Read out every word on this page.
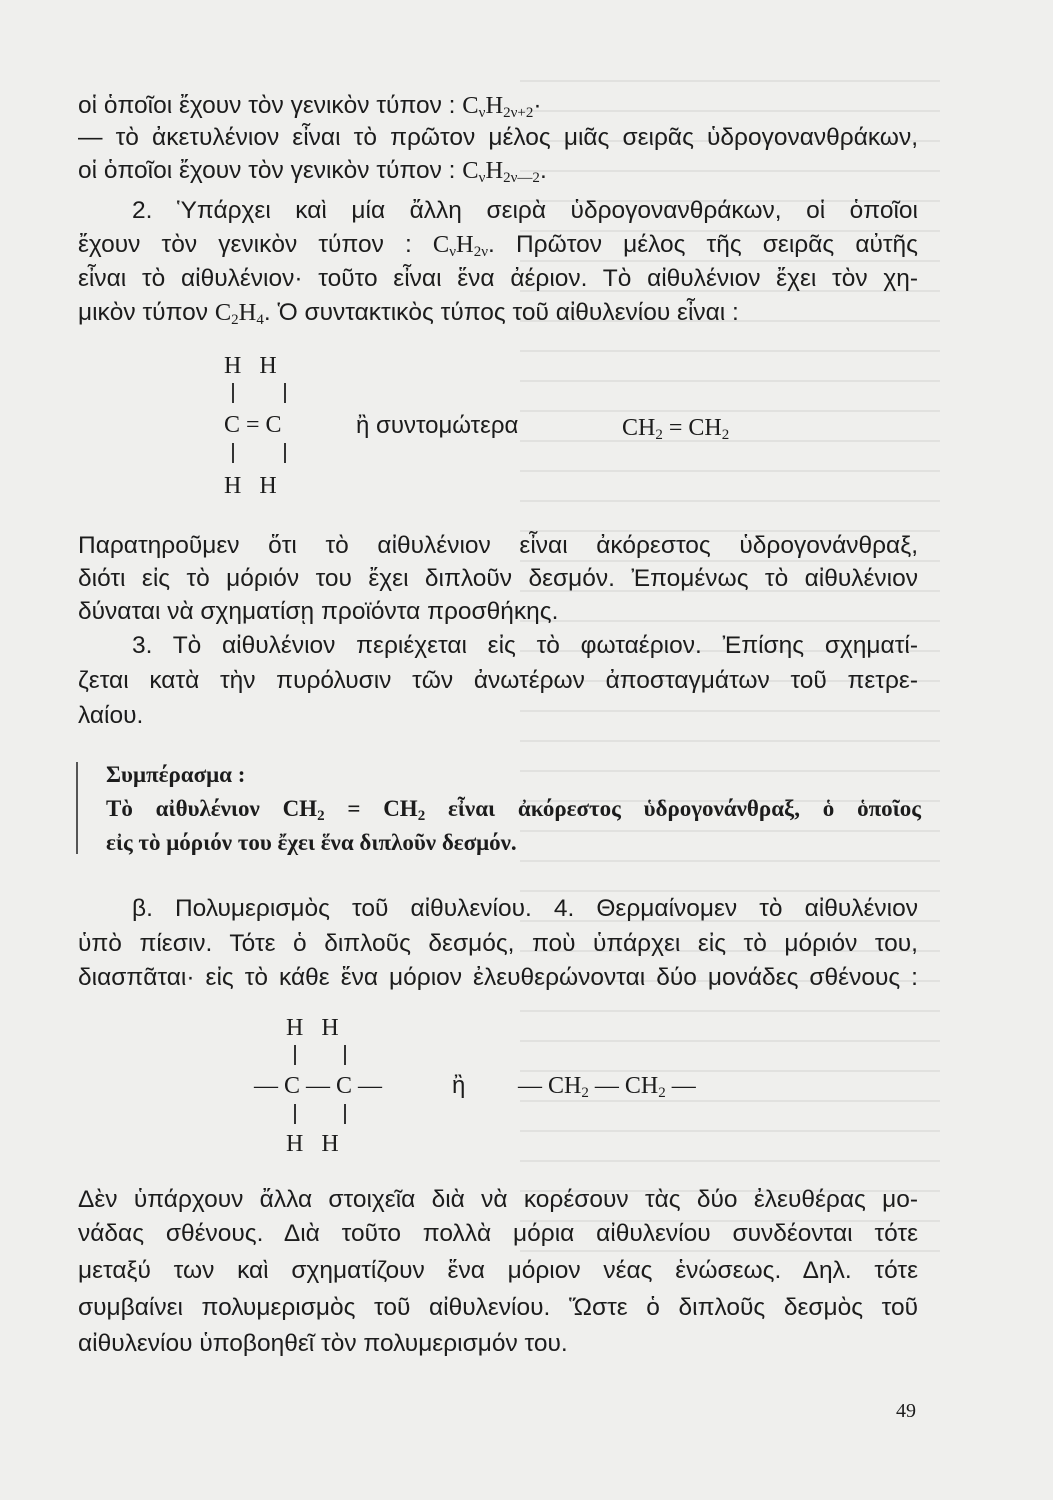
οἱ ὁποῖοι ἔχουν τὸν γενικὸν τύπον : $C_\nu H_{2\nu+2}\cdot$
— τὸ ἀκετυλένιον εἶναι τὸ πρῶτον μέλος μιᾶς σειρᾶς ὑδρογονανθράκων,
οἱ ὁποῖοι ἔχουν τὸν γενικὸν τύπον : $C_\nu H_{2\nu—2}$.
2. Ὑπάρχει καὶ μία ἄλλη σειρὰ ὑδρογονανθράκων, οἱ ὁποῖοι
ἔχουν τὸν γενικὸν τύπον : $C_\nu H_{2\nu}$. Πρῶτον μέλος τῆς σειρᾶς αὐτῆς
εἶναι τὸ αἰθυλένιον· τοῦτο εἶναι ἕνα ἀέριον. Τὸ αἰθυλένιον ἔχει τὸν χη-
μικὸν τύπον $C_2H_4$. Ὁ συντακτικὸς τύπος τοῦ αἰθυλενίου εἶναι :
H   H
C = C
H   H
ἢ συντομώτερα	$CH_2 = CH_2$
Παρατηροῦμεν ὅτι τὸ αἰθυλένιον εἶναι ἀκόρεστος ὑδρογονάνθραξ,
διότι εἰς τὸ μόριόν του ἔχει διπλοῦν δεσμόν. Ἐπομένως τὸ αἰθυλένιον
δύναται νὰ σχηματίσῃ προϊόντα προσθήκης.
3. Τὸ αἰθυλένιον περιέχεται εἰς τὸ φωταέριον. Ἐπίσης σχηματί-
ζεται κατὰ τὴν πυρόλυσιν τῶν ἀνωτέρων ἀποσταγμάτων τοῦ πετρε-
λαίου.
Συμπέρασμα :
Τὸ αἰθυλένιον $CH_2 = CH_2$ εἶναι ἀκόρεστος ὑδρογονάνθραξ, ὁ ὁποῖος
εἰς τὸ μόριόν του ἔχει ἕνα διπλοῦν δεσμόν.
β. Πολυμερισμὸς τοῦ αἰθυλενίου. 4. Θερμαίνομεν τὸ αἰθυλένιον
ὑπὸ πίεσιν. Τότε ὁ διπλοῦς δεσμός, ποὺ ὑπάρχει εἰς τὸ μόριόν του,
διασπᾶται· εἰς τὸ κάθε ἕνα μόριον ἐλευθερώνονται δύο μονάδες σθένους :
H   H
— C — C —
H   H
ἢ — $CH_2$ — $CH_2$ —
Δὲν ὑπάρχουν ἄλλα στοιχεῖα διὰ νὰ κορέσουν τὰς δύο ἐλευθέρας μο-
νάδας σθένους. Διὰ τοῦτο πολλὰ μόρια αἰθυλενίου συνδέονται τότε
μεταξύ των καὶ σχηματίζουν ἕνα μόριον νέας ἑνώσεως. Δηλ. τότε
συμβαίνει πολυμερισμὸς τοῦ αἰθυλενίου. Ὥστε ὁ διπλοῦς δεσμὸς τοῦ
αἰθυλενίου ὑποβοηθεῖ τὸν πολυμερισμόν του.
49
